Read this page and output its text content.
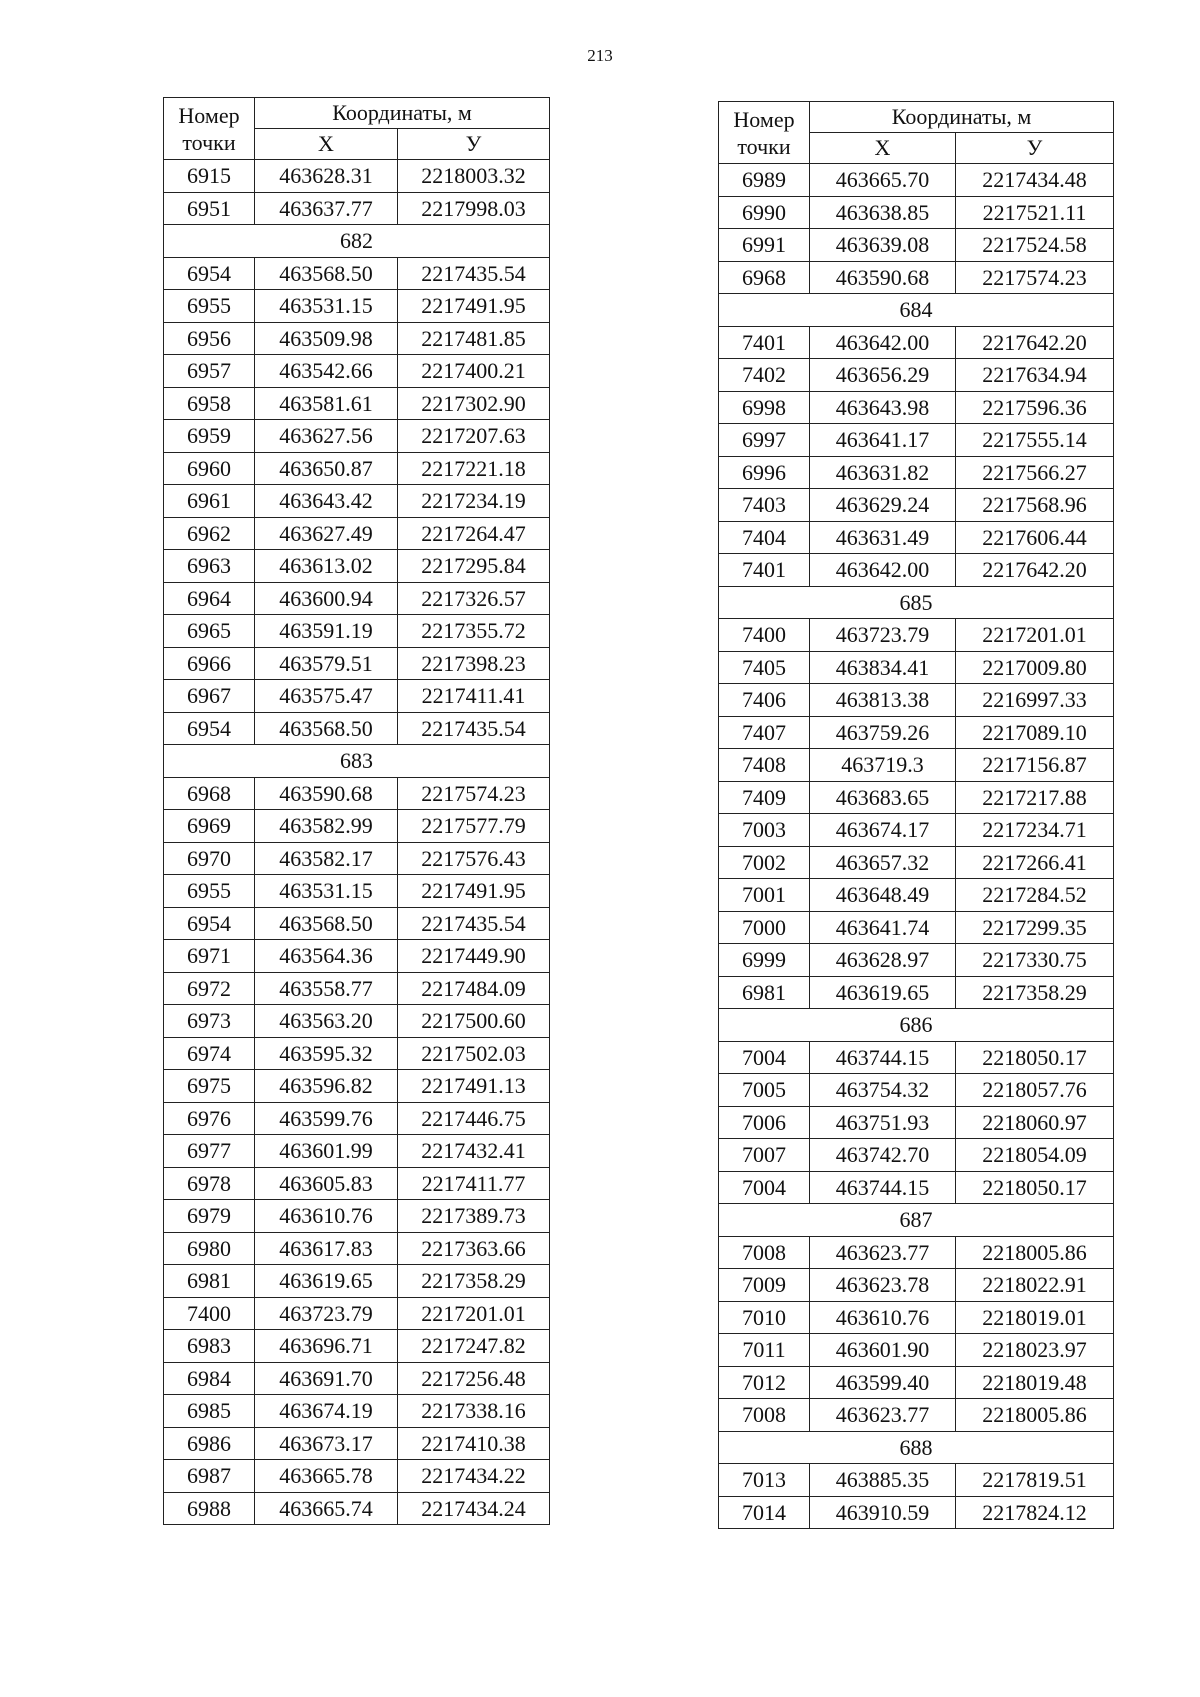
213
Номер
точки	Координаты, м	
	Х	У
6915	463628.31	2218003.32
6951	463637.77	2217998.03
682		
6954	463568.50	2217435.54
6955	463531.15	2217491.95
6956	463509.98	2217481.85
6957	463542.66	2217400.21
6958	463581.61	2217302.90
6959	463627.56	2217207.63
6960	463650.87	2217221.18
6961	463643.42	2217234.19
6962	463627.49	2217264.47
6963	463613.02	2217295.84
6964	463600.94	2217326.57
6965	463591.19	2217355.72
6966	463579.51	2217398.23
6967	463575.47	2217411.41
6954	463568.50	2217435.54
683		
6968	463590.68	2217574.23
6969	463582.99	2217577.79
6970	463582.17	2217576.43
6955	463531.15	2217491.95
6954	463568.50	2217435.54
6971	463564.36	2217449.90
6972	463558.77	2217484.09
6973	463563.20	2217500.60
6974	463595.32	2217502.03
6975	463596.82	2217491.13
6976	463599.76	2217446.75
6977	463601.99	2217432.41
6978	463605.83	2217411.77
6979	463610.76	2217389.73
6980	463617.83	2217363.66
6981	463619.65	2217358.29
7400	463723.79	2217201.01
6983	463696.71	2217247.82
6984	463691.70	2217256.48
6985	463674.19	2217338.16
6986	463673.17	2217410.38
6987	463665.78	2217434.22
6988	463665.74	2217434.24
Номер
точки	Координаты, м	
	Х	У
6989	463665.70	2217434.48
6990	463638.85	2217521.11
6991	463639.08	2217524.58
6968	463590.68	2217574.23
684		
7401	463642.00	2217642.20
7402	463656.29	2217634.94
6998	463643.98	2217596.36
6997	463641.17	2217555.14
6996	463631.82	2217566.27
7403	463629.24	2217568.96
7404	463631.49	2217606.44
7401	463642.00	2217642.20
685		
7400	463723.79	2217201.01
7405	463834.41	2217009.80
7406	463813.38	2216997.33
7407	463759.26	2217089.10
7408	463719.3	2217156.87
7409	463683.65	2217217.88
7003	463674.17	2217234.71
7002	463657.32	2217266.41
7001	463648.49	2217284.52
7000	463641.74	2217299.35
6999	463628.97	2217330.75
6981	463619.65	2217358.29
686		
7004	463744.15	2218050.17
7005	463754.32	2218057.76
7006	463751.93	2218060.97
7007	463742.70	2218054.09
7004	463744.15	2218050.17
687		
7008	463623.77	2218005.86
7009	463623.78	2218022.91
7010	463610.76	2218019.01
7011	463601.90	2218023.97
7012	463599.40	2218019.48
7008	463623.77	2218005.86
688		
7013	463885.35	2217819.51
7014	463910.59	2217824.12
